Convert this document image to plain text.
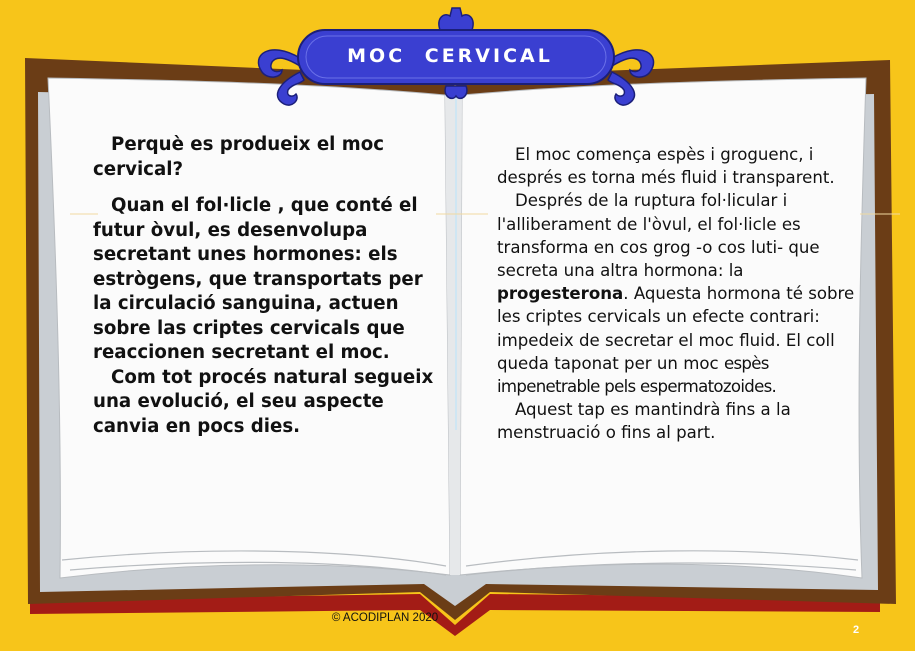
MOC CERVICAL

Perquè es produeix el moc cervical?

Quan el fol·licle , que conté el futur òvul, es desenvolupa secretant unes hormones: els estrògens, que transportats per la circulació sanguina, actuen sobre las criptes cervicals que reaccionen secretant el moc.

Com tot procés natural segueix una evolució, el seu aspecte canvia en pocs dies.

El moc comença espès i groguenc, i després es torna més fluid i transparent.

Després de la ruptura fol·licular i l'alliberament de l'òvul, el fol·licle es transforma en cos grog -o cos luti- que secreta una altra hormona: la progesterona. Aquesta hormona té sobre les criptes cervicals un efecte contrari: impedeix de secretar el moc fluid. El coll queda taponat per un moc espès impenetrable pels espermatozoides.

Aquest tap es mantindrà fins a la menstruació o fins al part.

© ACODIPLAN 2020
2
